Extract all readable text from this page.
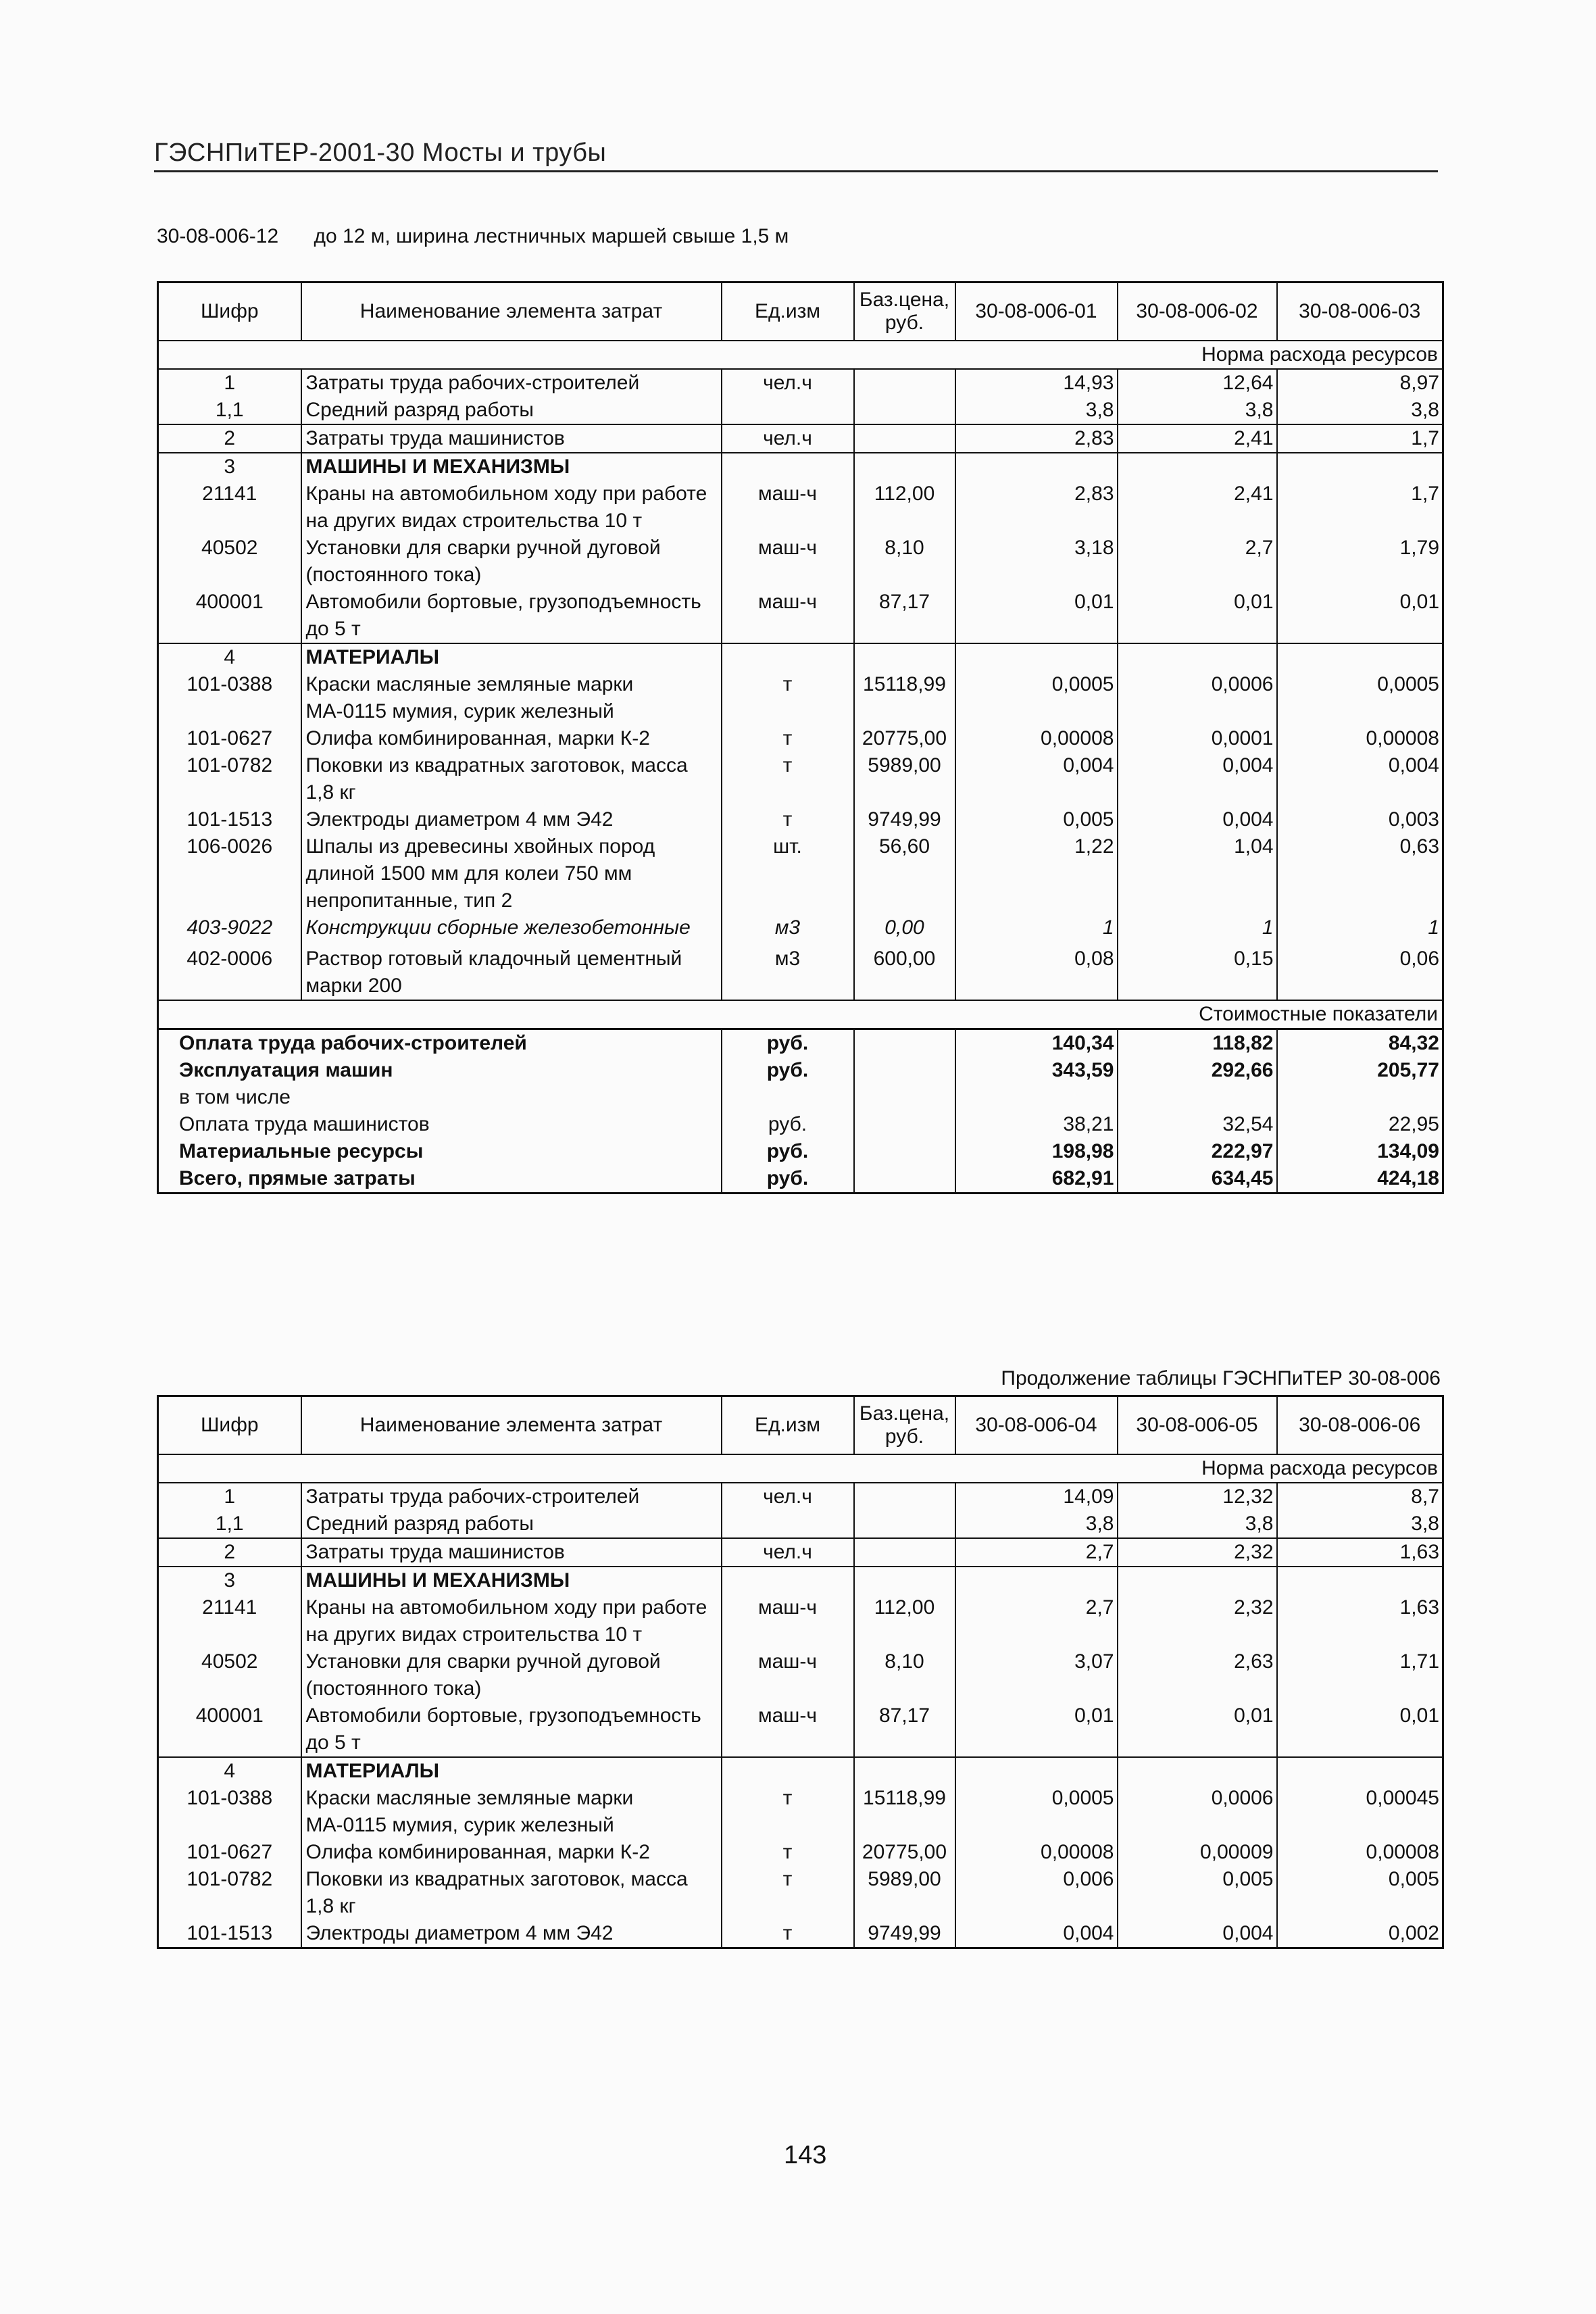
ГЭСНПиТЕР-2001-30 Мосты и трубы
30-08-006-12 до 12 м, ширина лестничных маршей свыше 1,5 м
Шифр	Наименование элемента затрат	Ед.изм	Баз.цена, руб.	30-08-006-01	30-08-006-02	30-08-006-03
Норма расхода ресурсов						
1	Затраты труда рабочих-строителей	чел.ч		14,93	12,64	8,97
1,1	Средний разряд работы			3,8	3,8	3,8
2	Затраты труда машинистов	чел.ч		2,83	2,41	1,7
3	МАШИНЫ И МЕХАНИЗМЫ					
21141	Краны на автомобильном ходу при работе на других видах строительства 10 т	маш-ч	112,00	2,83	2,41	1,7
40502	Установки для сварки ручной дуговой (постоянного тока)	маш-ч	8,10	3,18	2,7	1,79
400001	Автомобили бортовые, грузоподъемность до 5 т	маш-ч	87,17	0,01	0,01	0,01
4	МАТЕРИАЛЫ					
101-0388	Краски масляные земляные марки МА-0115 мумия, сурик железный	т	15118,99	0,0005	0,0006	0,0005
101-0627	Олифа комбинированная, марки К-2	т	20775,00	0,00008	0,0001	0,00008
101-0782	Поковки из квадратных заготовок, масса 1,8 кг	т	5989,00	0,004	0,004	0,004
101-1513	Электроды диаметром 4 мм Э42	т	9749,99	0,005	0,004	0,003
106-0026	Шпалы из древесины хвойных пород длиной 1500 мм для колеи 750 мм непропитанные, тип 2	шт.	56,60	1,22	1,04	0,63
403-9022	Конструкции сборные железобетонные	м3	0,00	1	1	1
402-0006	Раствор готовый кладочный цементный марки 200	м3	600,00	0,08	0,15	0,06
Стоимостные показатели						
Оплата труда рабочих-строителей		руб.		140,34	118,82	84,32
Эксплуатация машин		руб.		343,59	292,66	205,77
в том числе						
Оплата труда машинистов		руб.		38,21	32,54	22,95
Материальные ресурсы		руб.		198,98	222,97	134,09
Всего, прямые затраты		руб.		682,91	634,45	424,18
Продолжение таблицы ГЭСНПиТЕР 30-08-006
Шифр	Наименование элемента затрат	Ед.изм	Баз.цена, руб.	30-08-006-04	30-08-006-05	30-08-006-06
Норма расхода ресурсов						
1	Затраты труда рабочих-строителей	чел.ч		14,09	12,32	8,7
1,1	Средний разряд работы			3,8	3,8	3,8
2	Затраты труда машинистов	чел.ч		2,7	2,32	1,63
3	МАШИНЫ И МЕХАНИЗМЫ					
21141	Краны на автомобильном ходу при работе на других видах строительства 10 т	маш-ч	112,00	2,7	2,32	1,63
40502	Установки для сварки ручной дуговой (постоянного тока)	маш-ч	8,10	3,07	2,63	1,71
400001	Автомобили бортовые, грузоподъемность до 5 т	маш-ч	87,17	0,01	0,01	0,01
4	МАТЕРИАЛЫ					
101-0388	Краски масляные земляные марки МА-0115 мумия, сурик железный	т	15118,99	0,0005	0,0006	0,00045
101-0627	Олифа комбинированная, марки К-2	т	20775,00	0,00008	0,00009	0,00008
101-0782	Поковки из квадратных заготовок, масса 1,8 кг	т	5989,00	0,006	0,005	0,005
101-1513	Электроды диаметром 4 мм Э42	т	9749,99	0,004	0,004	0,002
143
